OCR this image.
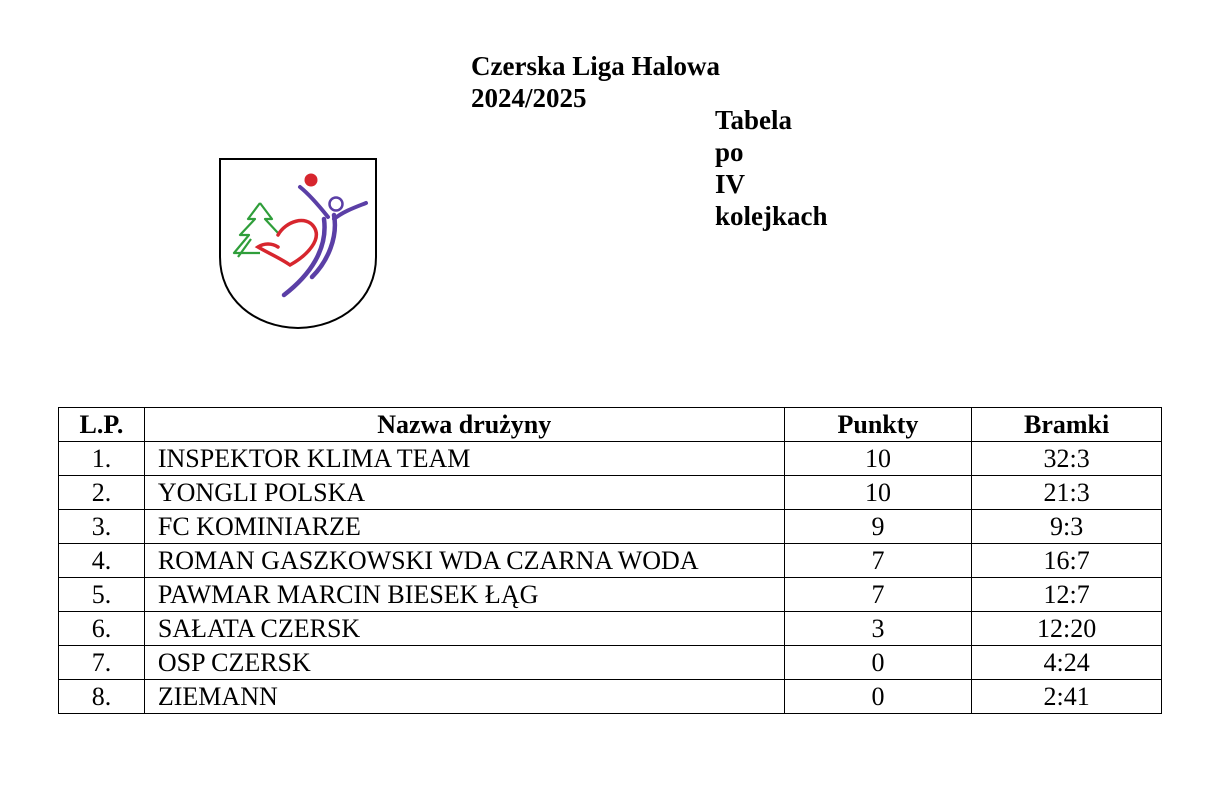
Czerska Liga Halowa 2024/2025
Tabela po IV kolejkach
L.P.	Nazwa drużyny	Punkty	Bramki
1.	INSPEKTOR KLIMA TEAM	10	32:3
2.	YONGLI POLSKA	10	21:3
3.	FC KOMINIARZE	9	9:3
4.	ROMAN GASZKOWSKI WDA CZARNA WODA	7	16:7
5.	PAWMAR MARCIN BIESEK ŁĄG	7	12:7
6.	SAŁATA CZERSK	3	12:20
7.	OSP CZERSK	0	4:24
8.	ZIEMANN	0	2:41
